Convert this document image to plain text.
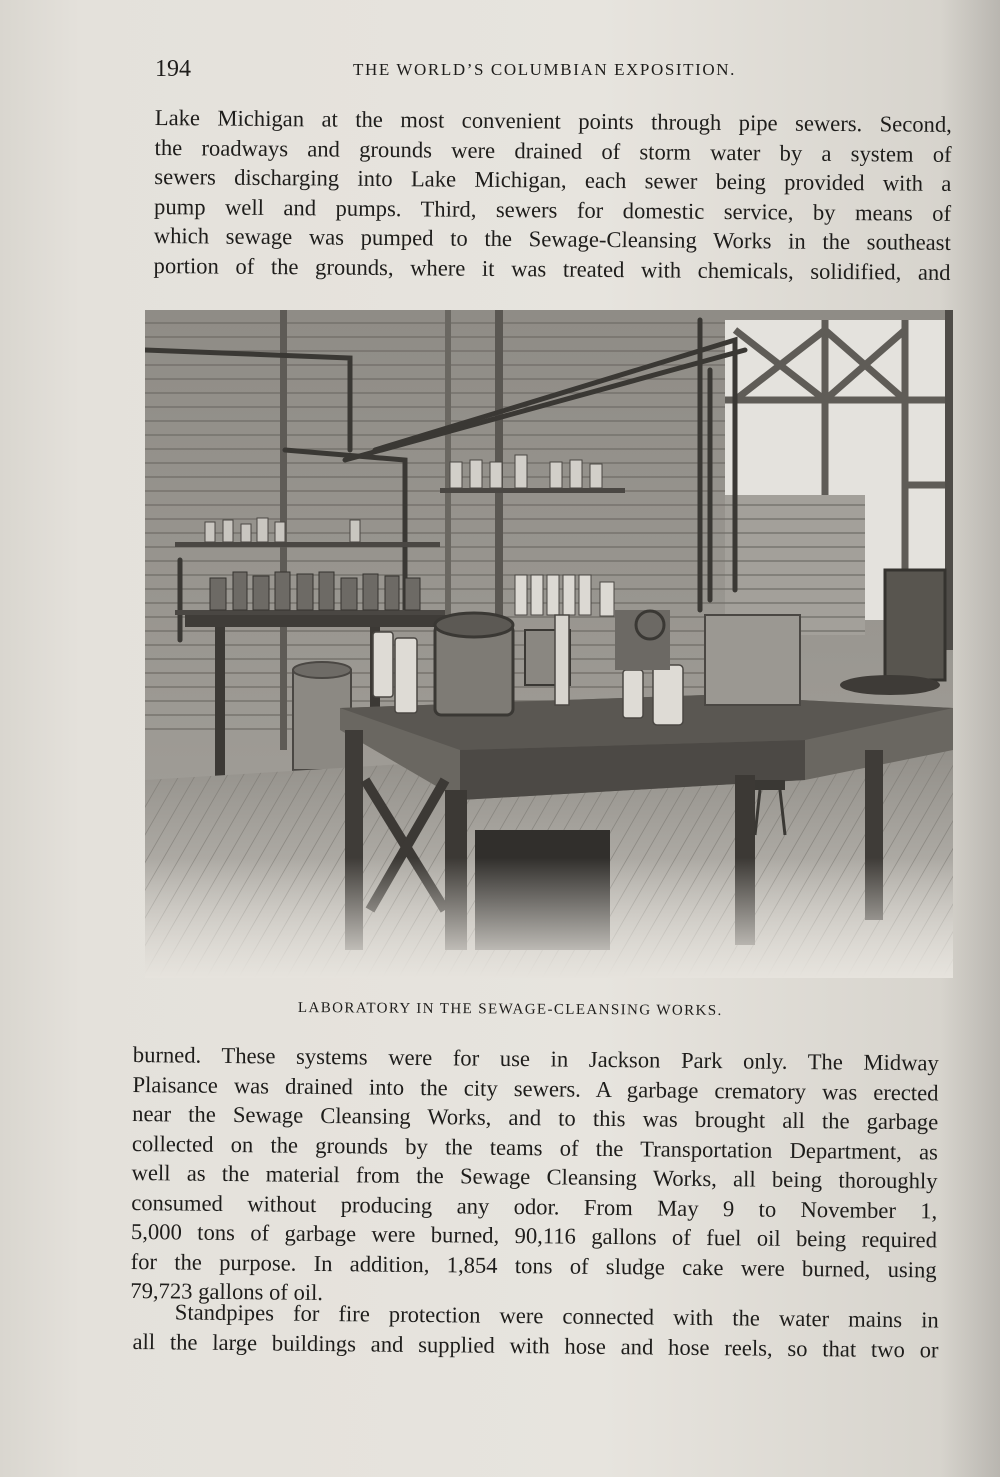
194	THE WORLD’S COLUMBIAN EXPOSITION.
Lake Michigan at the most convenient points through pipe sewers. Second,
the roadways and grounds were drained of storm water by a system of
sewers discharging into Lake Michigan, each sewer being provided with a
pump well and pumps. Third, sewers for domestic service, by means of
which sewage was pumped to the Sewage-Cleansing Works in the southeast
portion of the grounds, where it was treated with chemicals, solidified, and
LABORATORY IN THE SEWAGE-CLEANSING WORKS.
burned. These systems were for use in Jackson Park only. The Midway
Plaisance was drained into the city sewers. A garbage crematory was erected
near the Sewage Cleansing Works, and to this was brought all the garbage
collected on the grounds by the teams of the Transportation Department, as
well as the material from the Sewage Cleansing Works, all being thoroughly
consumed without producing any odor. From May 9 to November 1,
5,000 tons of garbage were burned, 90,116 gallons of fuel oil being required
for the purpose. In addition, 1,854 tons of sludge cake were burned, using
79,723 gallons of oil.
Standpipes for fire protection were connected with the water mains in
all the large buildings and supplied with hose and hose reels, so that two or
